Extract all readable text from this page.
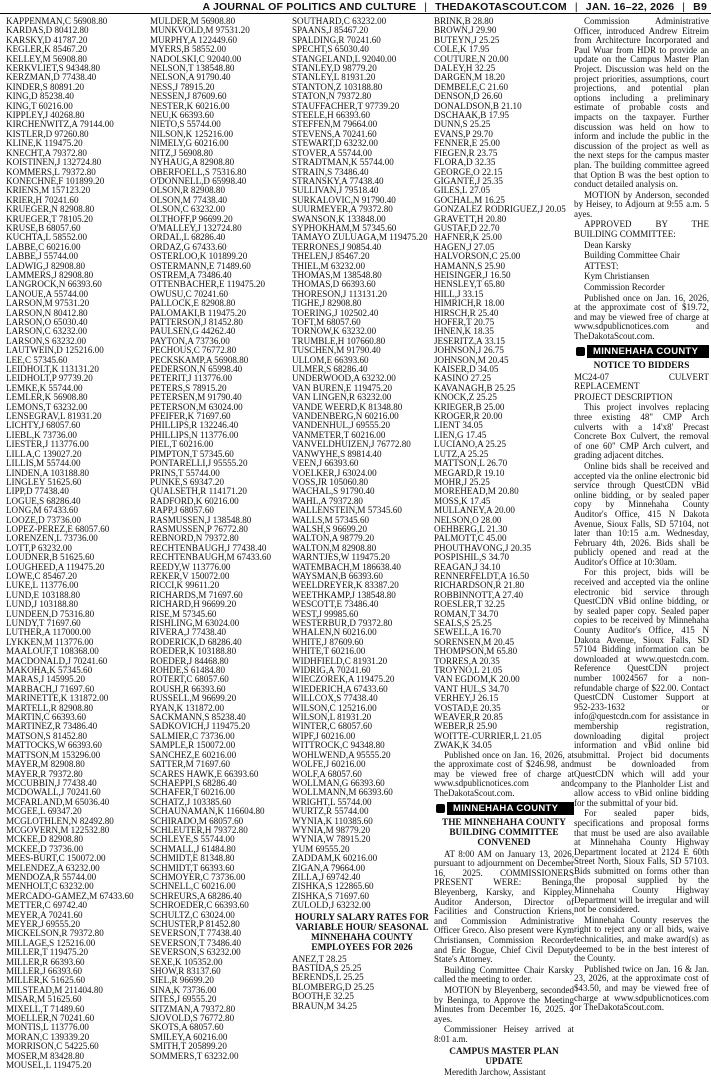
A JOURNAL OF POLITICS AND CULTURE | THEDAKOTASCOUT.COM | JAN. 16–22, 2026 | B9
KAPPENMAN,C 56908.80
KARDAS,D 80412.80
KARSKY,D 41787.20
KEGLER,K 85467.20
KELLEY,M 56908.80
KERKVLIET,S 94348.80
KERZMAN,D 77438.40
KINDER,S 80891.20
KING,D 85238.40
KING,T 60216.00
KIPPLEY,J 40268.80
KIRCHENWITZ,A 79144.00
KISTLER,D 97260.80
KLINE,K 119475.20
KNECHT,A 79372.80
KOISTINEN,J 132724.80
KOMMERS,L 79372.80
KONECHNE,F 101899.20
KRIENS,M 157123.20
KRIER,H 70241.60
KRUEGER,N 82908.80
KRUEGER,T 78105.20
KRUSE,B 68057.60
KUCHTA,L 58552.00
LABBE,C 60216.00
LABBE,J 55744.00
LADWIG,J 82908.80
LAMMERS,J 82908.80
LANGROCK,N 66393.60
LANOUE,A 55744.00
LARSON,M 97531.20
LARSON,N 80412.80
LARSON,O 65030.40
LARSON,C 63232.00
LARSON,S 63232.00
LAUTWEIN,D 125216.00
LEE,C 57345.60
LEIDHOLT,K 113131.20
LEIDHOLT,P 97739.20
LEMKE,K 55744.00
LEMLER,K 56908.80
LEMONS,T 63232.00
LENSEGRAV,L 81931.20
LICHTY,J 68057.60
LIEBL,K 73736.00
LIESTER,J 113776.00
LILLA,C 139027.20
LILLIS,M 55744.00
LINDEN,A 103188.80
LINGLEY 51625.60
LIPP,D 77438.40
LOGUE,S 68286.40
LONG,M 67433.60
LOOZE,D 73736.00
LOPEZ-PEREZ,E 68057.60
LORENZEN,L 73736.00
LOTT,P 63232.00
LOUDNER,B 51625.60
LOUGHEED,A 119475.20
LOWE,C 85467.20
LUKE,L 113776.00
LUND,E 103188.80
LUND,J 103188.80
LUNDEEN,D 75316.80
LUNDY,T 71697.60
LUTHER,A 117000.00
LYKKEN,M 113776.00
MAALOUF,T 108368.00
MACDONALD,J 70241.60
MAKOHA,K 57345.60
MARAS,J 145995.20
MARBACH,J 71697.60
MARINETTE,K 131872.00
MARTELL,R 82908.80
MARTIN,C 66393.60
MARTINEZ,R 73486.40
MATSON,S 81452.80
MATTOCKS,W 66393.60
MATTSON,M 153296.00
MAYER,M 82908.80
MAYER,R 79372.80
MCCUBBIN,J 77438.40
MCDOWALL,J 70241.60
MCFARLAND,M 65036.40
MCGEE,L 69347.20
MCGLOTHLEN,N 82492.80
MCGOVERN,M 122532.80
MCKEE,D 82908.80
MCKEE,D 73736.00
MEES-BURT,C 150072.00
MELENDEZ,A 63232.00
MENDOZA,R 55744.00
MENHOLT,C 63232.00
MERCADO-GAMEZ,M 67433.60
METTER,C 69742.40
MEYER,A 70241.60
MEYER,J 69555.20
MICKELSON,R 79372.80
MILLAGE,S 125216.00
MILLER,T 119475.20
MILLER,R 66393.60
MILLER,J 66393.60
MILLER,K 51625.60
MILSTEAD,M 211404.80
MISAR,M 51625.60
MIXELL,T 71489.60
MOELLER,N 70241.60
MONTIS,L 113776.00
MORAN,C 139339.20
MORRISON,C 54225.60
MOSER,M 83428.80
MOUSEL,L 119475.20
MULDER,M 56908.80
MUNKVOLD,M 97531.20
MURPHY,A 122449.60
MYERS,B 58552.00
NADOLSKI,C 92040.00
NELSON,T 138548.80
NELSON,A 91790.40
NESS,J 78915.20
NESSEN,J 87609.60
NESTER,K 60216.00
NEU,K 66393.60
NIETO,S 55744.00
NILSON,K 125216.00
NIMELY,G 60216.00
NITZ,J 56908.80
NYHAUG,A 82908.80
OBERFOELL,S 75316.80
O'DONNELL,D 65998.40
OLSON,R 82908.80
OLSON,M 77438.40
OLSON,C 63232.00
OLTHOFF,P 96699.20
O'MALLEY,J 132724.80
ORDAL,L 68286.40
ORDAZ,G 67433.60
OSTERLOO,K 101899.20
OSTERMANN,E 71489.60
OSTREM,A 73486.40
OTTENBACHER,E 119475.20
OWUSU,C 70241.60
PALLOCK,E 82908.80
PALOMAKI,B 119475.20
PATTERSON,J 81452.80
PAULSEN,G 44262.40
PAYTON,A 73736.00
PECHOUS,C 76772.80
PECKSKAMP,A 56908.80
PEDERSON,N 65998.40
PETERIT,J 113776.00
PETERS,S 78915.20
PETERSEN,M 91790.40
PETERSON,M 63024.00
PFEIFER,K 71697.60
PHILLIPS,R 132246.40
PHILLIPS,N 113776.00
PIEL,T 60216.00
PIMPTON,T 57345.60
PONTARELLI,J 95555.20
PRINS,T 55744.00
PUNKE,S 69347.20
QUALSETH,R 114171.20
RADFORD,K 60216.00
RAPP,J 68057.60
RASMUSSEN,J 138548.80
RASMUSSEN,P 76772.80
REBNORD,N 79372.80
RECHTENBAUGH,J 77438.40
RECHTENBAUGH,M 67433.60
REEDY,W 113776.00
REKER,V 150072.00
RICCI,K 99611.20
RICHARDS,M 71697.60
RICHARD,H 96699.20
RISE,M 57345.60
RISHLING,M 63024.00
RIVERA,J 77438.40
RODERICK,D 68286.40
ROEDER,K 103188.80
ROEDER,J 84468.80
ROHDE,S 61484.80
ROTERT,C 68057.60
ROUSH,R 66393.60
RUSSELL,M 96699.20
RYAN,K 131872.00
SACKMANN,S 85238.40
SADKOVICH,J 119475.20
SALMIER,C 73736.00
SAMPLE,R 150072.00
SANCHEZ,E 60216.00
SATTER,M 71697.60
SCARES HAWK,E 66393.60
SCHAEPPI,S 68286.40
SCHAFER,T 60216.00
SCHATZ,J 103385.60
SCHAUNAMAN,K 116604.80
SCHIRADO,M 68057.60
SCHLEUTER,H 79372.80
SCHLEYE,S 55744.00
SCHMALL,J 61484.80
SCHMIDT,E 81348.80
SCHMIDT,T 66393.60
SCHMOYER,C 73736.00
SCHNELL,C 60216.00
SCHREURS,A 68286.40
SCHROEDER,C 66393.60
SCHULTZ,C 63024.00
SCHUSTER,P 81452.80
SEVERSON,T 77438.40
SEVERSON,T 73486.40
SEVERSON,S 63232.00
SEXE,K 105352.00
SHOW,R 83137.60
SIEL,R 96699.20
SINA,K 73736.00
SITES,J 69555.20
SITZMAN,A 79372.80
SJOVOLD,S 76772.80
SKOTS,A 68057.60
SMILEY,A 60216.00
SMITH,T 205899.20
SOMMERS,T 63232.00
SOUTHARD,C 63232.00
SPAANS,J 85467.20
SPALDING,R 70241.60
SPECHT,S 65030.40
STANGELAND,L 92040.00
STANLEY,D 98779.20
STANLEY,L 81931.20
STANTON,Z 103188.80
STATON,N 79372.80
STAUFFACHER,T 97739.20
STEELE,H 66393.60
STEFFEN,M 79664.00
STEVENS,A 70241.60
STEWART,D 63232.00
STOVER,A 55744.00
STRADTMAN,K 55744.00
STRAIN,S 73486.40
STRANSKY,A 77438.40
SULLIVAN,J 79518.40
SURKALOVIC,N 91790.40
SUURMEYER,A 79372.80
SWANSON,K 133848.00
SYPHOKHAM,M 57345.60
TAMAYO ZULUAGA,M 119475.20
TERRONES,J 90854.40
THELEN,J 85467.20
THIEL,M 63232.00
THOMAS,M 138548.80
THOMAS,D 66393.60
THORESON,J 113131.20
TIGHE,J 82908.80
TOERING,J 102502.40
TOFT,M 68057.60
TORNOW,K 63232.00
TRUMBLE,H 107660.80
TUSCHEN,M 91790.40
ULLOM,E 66393.60
ULMER,S 68286.40
UNDERWOOD,A 63232.00
VAN BUREN,E 119475.20
VAN LINGEN,R 63232.00
VANDE WEERD,K 81348.80
VANDENBERG,N 60216.00
VANDENHUL,J 69555.20
VANMETER,T 60216.00
VANVELDHUIZEN,J 76772.80
VANWYHE,S 89814.40
VEEN,J 66393.60
VOELKER,J 63024.00
VOSS,JR 105060.80
WACHAL,S 91790.40
WAHL,A 79372.80
WALLENSTEIN,M 57345.60
WALLS,M 57345.60
WALSH,S 96699.20
WALTON,A 98779.20
WALTON,M 82908.80
WARNTJES,W 119475.20
WATEMBACH,M 186638.40
WAYSMAN,B 66393.60
WEELDREYER,K 83387.20
WEETHKAMP,J 138548.80
WESCOTT,E 73486.40
WEST,J 99985.60
WESTERBUR,D 79372.80
WHALEN,N 60216.00
WHITE,J 87609.60
WHITE,T 60216.00
WIDHFIELD,C 81931.20
WIDRIG,A 70241.60
WIECZOREK,A 119475.20
WIEDERICH,A 67433.60
WILLCOX,S 77438.40
WILSON,C 125216.00
WILSON,L 81931.20
WINTER,C 68057.60
WIPF,J 60216.00
WITTROCK,C 94348.80
WOHLWEND,A 95555.20
WOLFE,J 60216.00
WOLF,A 68057.60
WOLLMAN,G 66393.60
WOLLMANN,M 66393.60
WRIGHT,L 55744.00
WURTZ,R 55744.00
WYNIA,K 110385.60
WYNIA,M 98779.20
WYNIA,W 78915.20
YUM 69555.20
ZADDAM,K 60216.00
ZIGAN,A 79664.00
ZILLA,J 69742.40
ZISHKA,S 122865.60
ZISHKA,S 71697.60
ZULOLD,J 63232.00
HOURLY SALARY RATES FOR VARIABLE HOUR/ SEASONAL MINNEHAHA COUNTY EMPLOYEES FOR 2026
ANEZ,T 28.25
BASTIDA,S 25.25
BERENDS,L 25.25
BLOMBERG,D 25.25
BOOTH,E 32.25
BRAUN,M 34.25
BRINK,B 28.80
BROWN,J 29.90
BUTEYN,J 25.25
COLE,K 17.95
COUTURE,N 20.00
DALEY,H 32.25
DARGEN,M 18.20
DEMBELE,C 21.60
DENSON,D 26.60
DONALDSON,B 21.10
DSCHAAK,B 17.95
DUNN,S 25.25
EVANS,P 29.70
FENNER,E 25.00
FIEGEN,R 23.75
FLORA,D 32.35
GEORGE,O 22.15
GIGANTE,J 25.35
GILES,L 27.05
GOCHAL,M 16.25
GONZALEZ RODRIGUEZ,J 20.05
GRAVETT,H 20.80
GUSTAF,D 22.70
HAFNER,K 25.00
HAGEN,J 27.05
HALVORSON,C 25.00
HAMANN,S 25.90
HEISINGER,J 16.50
HENSLEY,T 65.80
HILL,J 33.15
HIMRICH,R 18.00
HIRSCH,R 25.40
HOFER,T 20.75
IHNEN,K 18.35
JESERITZ,A 33.15
JOHNSON,J 26.75
JOHNSON,M 20.45
KAISER,D 34.05
KASINO 27.25
KAVANAGH,B 25.25
KNOCK,Z 25.25
KRIEGER,B 25.00
KROGER,R 20.00
LIENT 34.05
LIEN,G 17.45
LUCIANO,A 25.25
LUTZ,A 25.25
MATTSON,L 26.70
MEGARD,R 19.10
MOHR,J 25.25
MOREHEAD,M 20.80
MOSS,K 17.45
MULLANEY,A 20.00
NELSON,O 28.00
OEHBERG,L 21.30
PALMOTT,C 45.00
PHOUTHAVONG,J 20.35
POSPISHIL,S 34.70
REAGAN,J 34.10
RENNERFELDT,A 16.50
RICHARDSON,R 21.80
ROBBINNOTT,A 27.40
ROESLER,T 32.25
ROMAN,T 34.70
SEALS,S 25.25
SEWELL,A 16.70
SORENSEN,M 20.45
THOMPSON,M 65.80
TORRES,A 20.35
TROYNO,L 21.05
VAN EGDOM,K 20.00
VANT HUL,S 34.70
VERHEY,J 26.15
VOSTAD,E 20.35
WEAVER,R 20.85
WEBER,R 25.90
WOITTE-CURRIER,L 21.05
ZWAK,K 34.05

Published once on Jan. 16, 2026, at the approximate cost of $246.98, and may be viewed free of charge at www.sdpublicnotices.com and TheDakotaScout.com.

MINNEHAHA COUNTY
THE MINNEHAHA COUNTY BUILDING COMMITTEE CONVENED

AT 8:00 AM on January 13, 2026, pursuant to adjournment on December 16, 2025. COMMISSIONERS PRESENT WERE: Beninga, Bleyenberg, Karsky, and Kippley. Auditor Anderson, Director of Facilities and Construction Kriens, and Commission Administrative Officer Greco. Also present were Kym Christiansen, Commission Recorder and Eric Bogue, Chief Civil Deputy State's Attorney.

Building Committee Chair Karsky called the meeting to order.

MOTION by Bleyenberg, seconded by Beninga, to Approve the Meeting Minutes from December 16, 2025. 4 ayes.

Commissioner Heisey arrived at 8:01 a.m.

CAMPUS MASTER PLAN UPDATE

Meredith Jarchow, Assistant

Commission Administrative Officer, introduced Andrew Eitreim from Architecture Incorporated and Paul Wuar from HDR to provide an update on the Campus Master Plan Project. Discussion was held on the project priorities, assumptions, court projections, and potential plan options including a preliminary estimate of probable costs and impacts on the taxpayer. Further discussion was held on how to inform and include the public in the discussion of the project as well as the next steps for the campus master plan. The building committee agreed that Option B was the best option to conduct detailed analysis on.

MOTION by Anderson, seconded by Heisey, to Adjourn at 9:55 a.m. 5 ayes.

APPROVED BY THE BUILDING COMMITTEE:

Dean Karsky

Building Committee Chair

ATTEST:

Kym Christiansen

Commission Recorder

Published once on Jan. 16, 2026, at the approximate cost of $19.72, and may be viewed free of charge at www.sdpublicnotices.com and TheDakotaScout.com.

MINNEHAHA COUNTY
NOTICE TO BIDDERS

MC24-07 CULVERT REPLACEMENT

PROJECT DESCRIPTION

This project involves replacing three existing 48" CMP Arch culverts with a 14'x8' Precast Concrete Box Culvert, the removal of one 60" CMP Arch culvert, and grading adjacent ditches.

Online bids shall be received and accepted via the online electronic bid service through QuestCDN vBid online bidding, or by sealed paper copy by Minnehaha County Auditor's Office, 415 N Dakota Avenue, Sioux Falls, SD 57104, not later than 10:15 a.m. Wednesday, February 4th, 2026. Bids shall be publicly opened and read at the Auditor's Office at 10:30am.

For this project, bids will be received and accepted via the online electronic bid service through QuestCDN vBid online bidding, or by sealed paper copy. Sealed paper copies to be received by Minnehaha County Auditor's Office, 415 N Dakota Avenue, Sioux Falls, SD 57104 Bidding information can be downloaded at www.questcdn.com. Reference QuestCDN project number 10024567 for a non-refundable charge of $22.00. Contact QuestCDN Customer Support at 952-233-1632 or info@questcdn.com for assistance in membership registration, downloading digital project information and vBid online bid submittal. Project bid documents must be downloaded from QuestCDN which will add your company to the Planholder List and allow access to vBid online bidding for the submittal of your bid.

For sealed paper bids, specifications and proposal forms that must be used are also available at Minnehaha County Highway Department located at 2124 E 60th Street North, Sioux Falls, SD 57103. Bids submitted on forms other than the proposal supplied by the Minnehaha County Highway Department will be irregular and will not be considered.

Minnehaha County reserves the right to reject any or all bids, waive technicalities, and make award(s) as deemed to be in the best interest of the County.

Published twice on Jan. 16 & Jan. 23, 2026, at the approximate cost of $43.50, and may be viewed free of charge at www.sdpublicnotices.com or TheDakotaScout.com.
